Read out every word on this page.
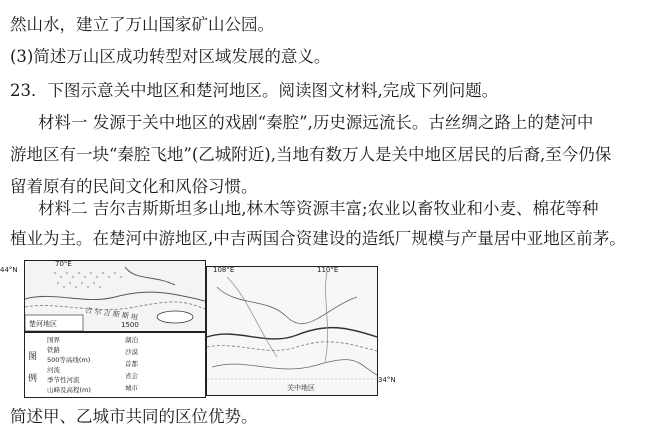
然山水，建立了万山国家矿山公园。
(3)简述万山区成功转型对区域发展的意义。
23．下图示意关中地区和楚河地区。阅读图文材料,完成下列问题。
材料一 发源于关中地区的戏剧“秦腔”,历史源远流长。古丝绸之路上的楚河中
游地区有一块“秦腔飞地”(乙城附近),当地有数万人是关中地区居民的后裔,至今仍保
留着原有的民间文化和风俗习惯。
材料二 吉尔吉斯斯坦多山地,林木等资源丰富;农业以畜牧业和小麦、棉花等种
植业为主。在楚河中游地区,中吉两国合资建设的造纸厂规模与产量居中亚地区前茅。
70°E
楚河地区
吉 尔 吉 斯 斯 坦
1500
44°N	108°E	110°E
关中地区
34°N
图
例
国界
铁路
500等高线(m)
河流
季节性河流
山峰及高程(m)
湖泊
沙漠
首都
省会
城市
简述甲、乙城市共同的区位优势。
